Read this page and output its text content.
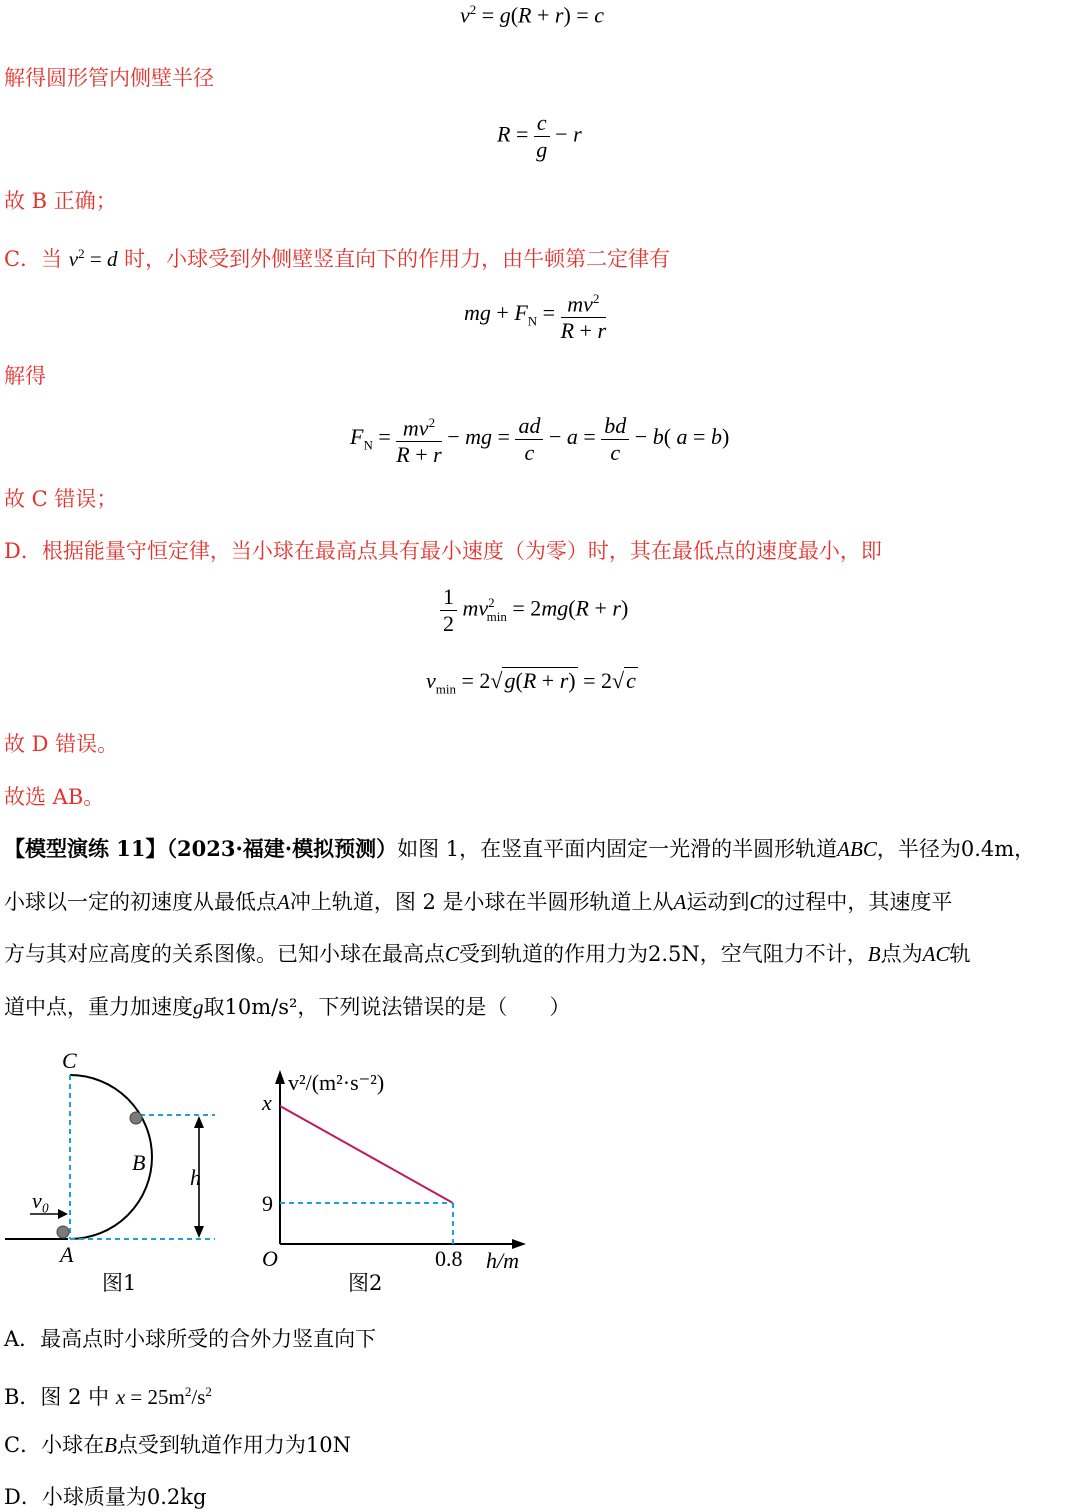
$v^2 = g(R + r) = c$
解得圆形管内侧壁半径
$R = \frac{c}{g} - r$
故 B 正确；
C．当 $v^2 = d$ 时，小球受到外侧壁竖直向下的作用力，由牛顿第二定律有
mg + $F_N = \frac{mv^2}{R + r}$
解得
$F_N = \frac{mv^2}{R + r}$ − mg = $\frac{ad}{c} - a = \frac{bd}{c} - b$( a = b)
故 C 错误；
D．根据能量守恒定律，当小球在最高点具有最小速度（为零）时，其在最低点的速度最小，即
$\frac{1}{2} mv^2_{min} = 2mg(R + r)$
$v_{min} = 2√g(R + r) = 2√c$
故 D 错误。
故选 AB。
【模型演练 11】（2023·福建·模拟预测）如图 1，在竖直平面内固定一光滑的半圆形轨道ABC，半径为0.4m，
小球以一定的初速度从最低点A冲上轨道，图 2 是小球在半圆形轨道上从A运动到C的过程中，其速度平
方与其对应高度的关系图像。已知小球在最高点C受到轨道的作用力为2.5N，空气阻力不计，B点为AC轨
道中点，重力加速度g取10m/s²，下列说法错误的是（　　）
C
B
A
h
v₀
图1
v²/(m²·s⁻²)
x
9
O	0.8 h/m
图2
A．最高点时小球所受的合外力竖直向下
B．图 2 中 $x = 25m^2/s^2$
C．小球在B点受到轨道作用力为10N
D．小球质量为0.2kg
